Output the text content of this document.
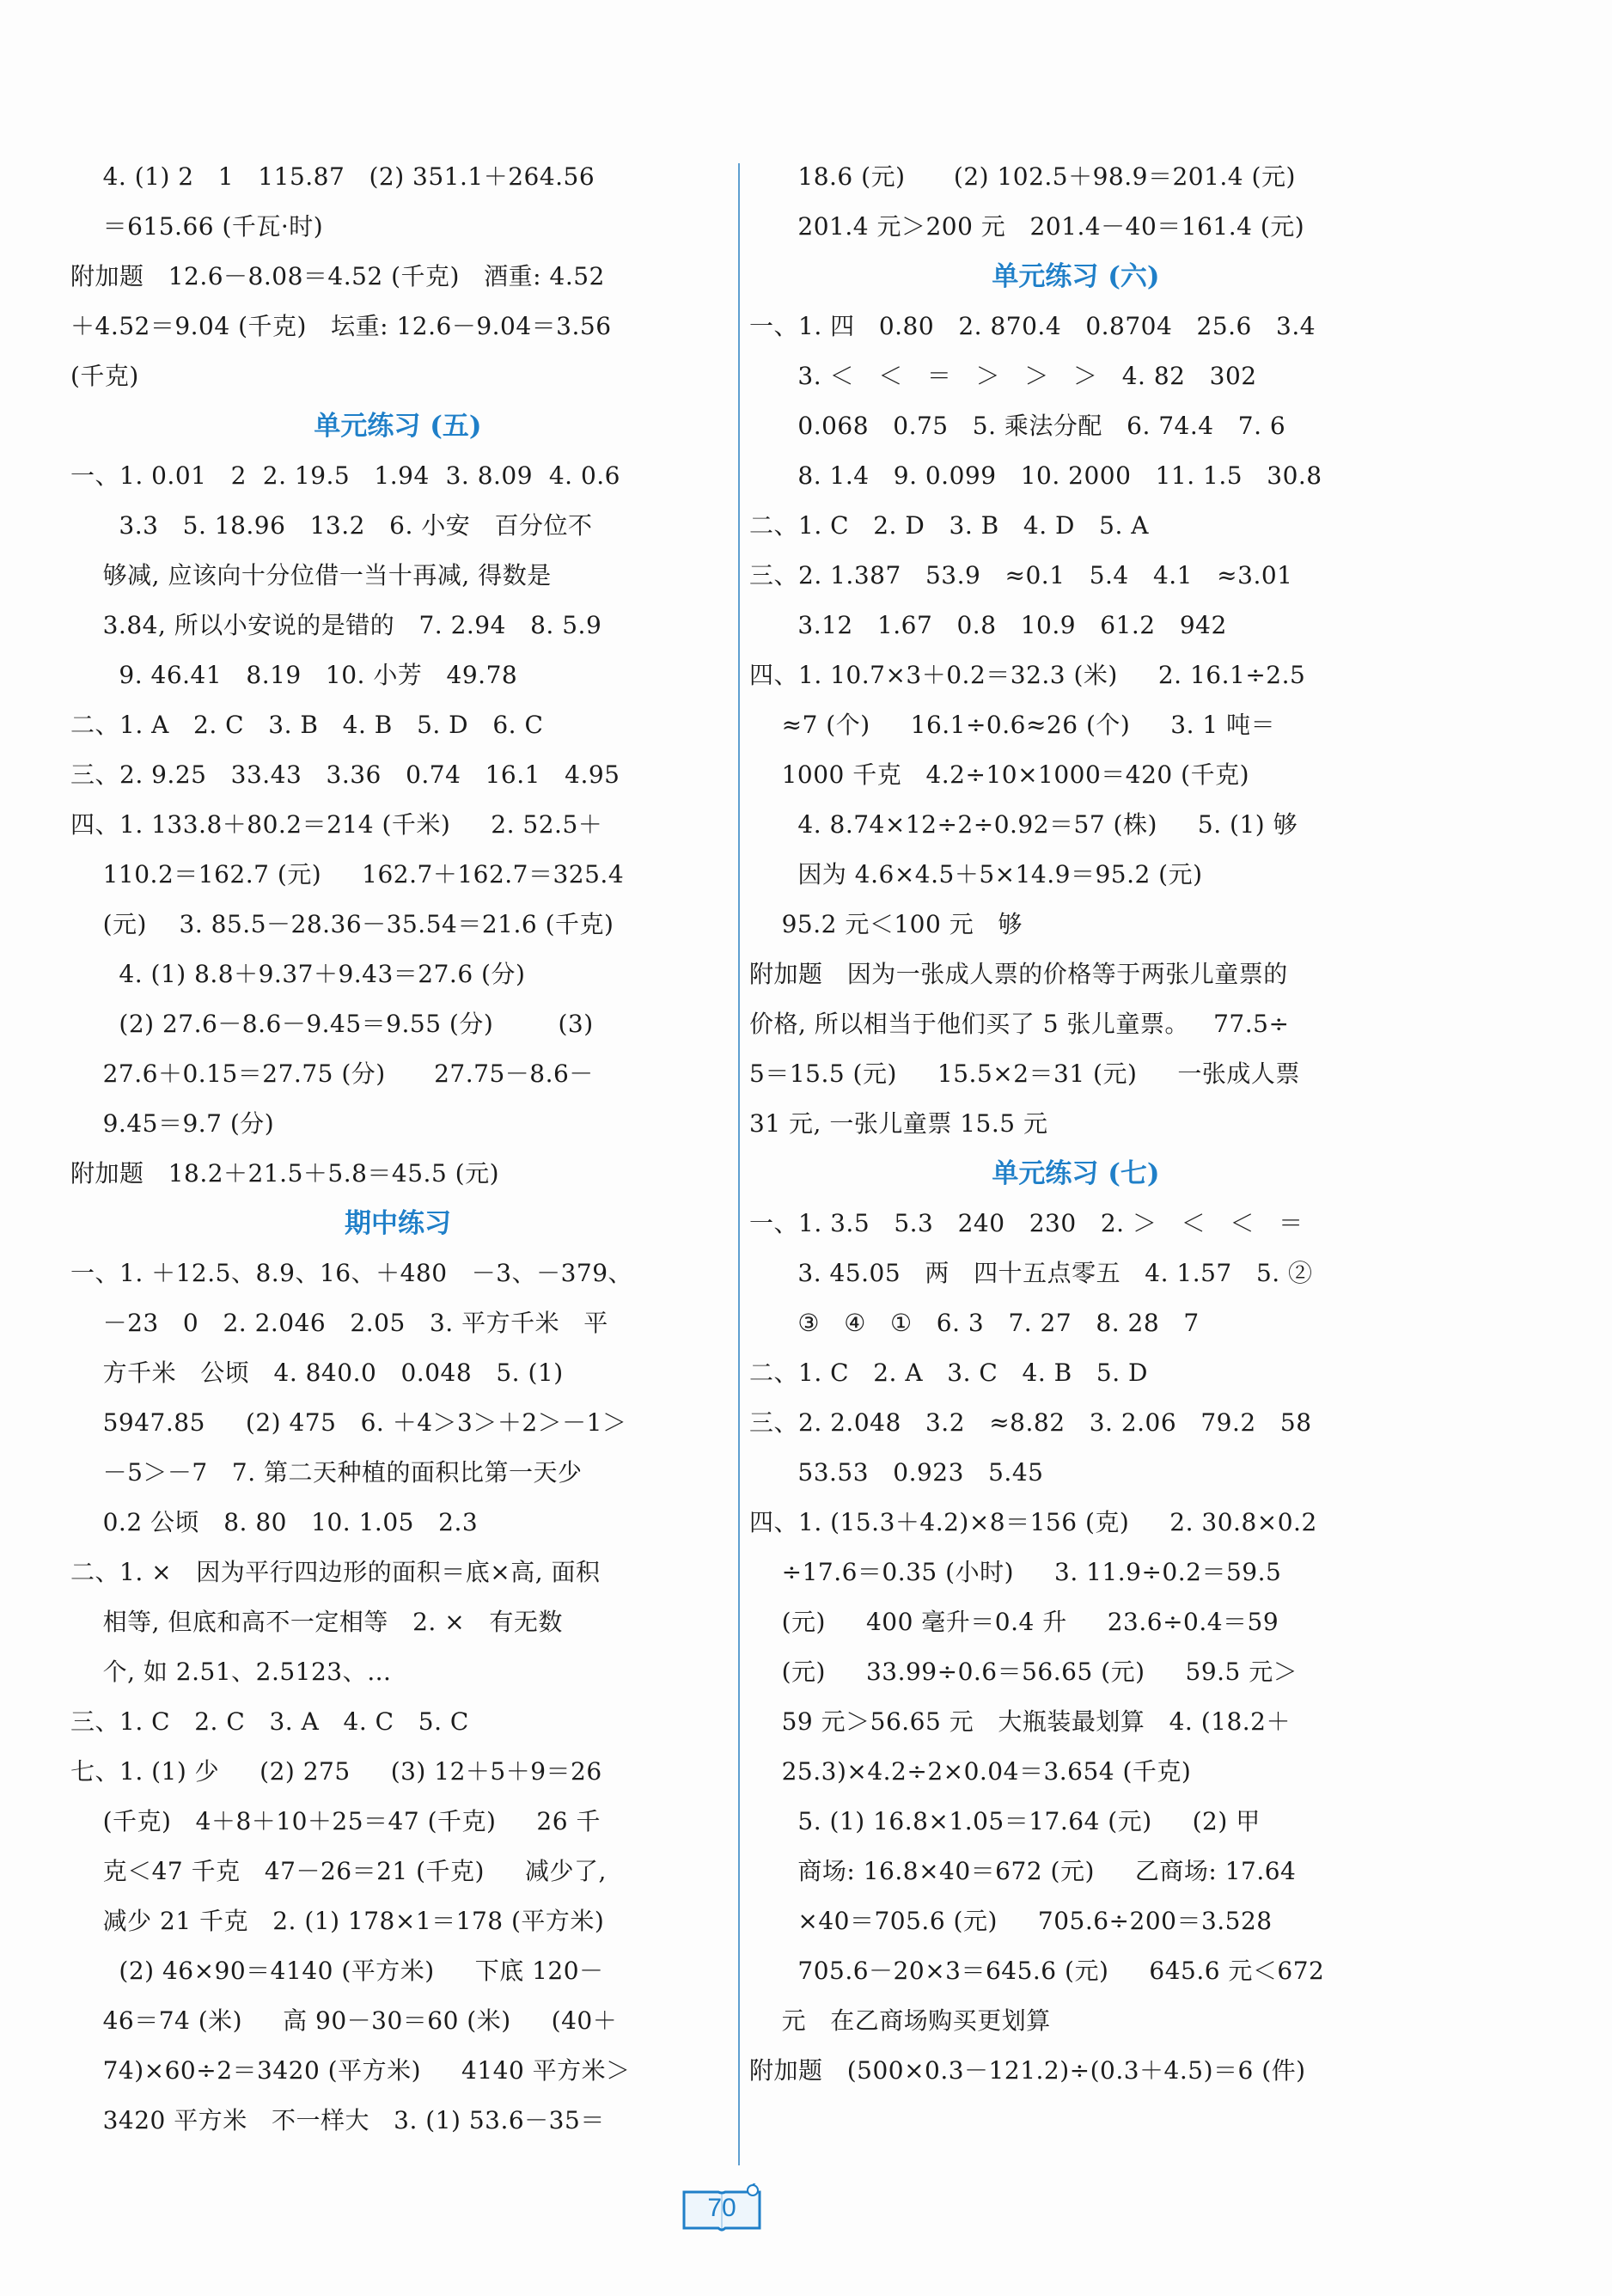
4. (1) 2   1   115.87   (2) 351.1＋264.56
＝615.66 (千瓦·时)
附加题   12.6－8.08＝4.52 (千克)   酒重: 4.52
＋4.52＝9.04 (千克)   坛重: 12.6－9.04＝3.56
(千克)
单元练习 (五)
一、1. 0.01   2  2. 19.5   1.94  3. 8.09  4. 0.6
3.3   5. 18.96   13.2   6. 小安   百分位不
够减, 应该向十分位借一当十再减, 得数是
3.84, 所以小安说的是错的   7. 2.94   8. 5.9
9. 46.41   8.19   10. 小芳   49.78
二、1. A   2. C   3. B   4. B   5. D   6. C
三、2. 9.25   33.43   3.36   0.74   16.1   4.95
四、1. 133.8＋80.2＝214 (千米)     2. 52.5＋
110.2＝162.7 (元)     162.7＋162.7＝325.4
(元)    3. 85.5－28.36－35.54＝21.6 (千克)
4. (1) 8.8＋9.37＋9.43＝27.6 (分)
(2) 27.6－8.6－9.45＝9.55 (分)        (3)
27.6＋0.15＝27.75 (分)      27.75－8.6－
9.45＝9.7 (分)
附加题   18.2＋21.5＋5.8＝45.5 (元)
期中练习
一、1. ＋12.5、8.9、16、＋480   －3、－379、
－23   0   2. 2.046   2.05   3. 平方千米   平
方千米   公顷   4. 840.0   0.048   5. (1)
5947.85     (2) 475   6. ＋4＞3＞＋2＞－1＞
－5＞－7   7. 第二天种植的面积比第一天少
0.2 公顷   8. 80   10. 1.05   2.3
二、1. ×   因为平行四边形的面积＝底×高, 面积
相等, 但底和高不一定相等   2. ×   有无数
个, 如 2.51、2.5123、…
三、1. C   2. C   3. A   4. C   5. C
七、1. (1) 少     (2) 275     (3) 12＋5＋9＝26
(千克)   4＋8＋10＋25＝47 (千克)     26 千
克＜47 千克   47－26＝21 (千克)     减少了,
减少 21 千克   2. (1) 178×1＝178 (平方米)
(2) 46×90＝4140 (平方米)     下底 120－
46＝74 (米)     高 90－30＝60 (米)     (40＋
74)×60÷2＝3420 (平方米)     4140 平方米＞
3420 平方米   不一样大   3. (1) 53.6－35＝
18.6 (元)      (2) 102.5＋98.9＝201.4 (元)
201.4 元＞200 元   201.4－40＝161.4 (元)
单元练习 (六)
一、1. 四   0.80   2. 870.4   0.8704   25.6   3.4
3. ＜   ＜   ＝   ＞   ＞   ＞   4. 82   302
0.068   0.75   5. 乘法分配   6. 74.4   7. 6
8. 1.4   9. 0.099   10. 2000   11. 1.5   30.8
二、1. C   2. D   3. B   4. D   5. A
三、2. 1.387   53.9   ≈0.1   5.4   4.1   ≈3.01
3.12   1.67   0.8   10.9   61.2   942
四、1. 10.7×3＋0.2＝32.3 (米)     2. 16.1÷2.5
≈7 (个)     16.1÷0.6≈26 (个)     3. 1 吨＝
1000 千克   4.2÷10×1000＝420 (千克)
4. 8.74×12÷2÷0.92＝57 (株)     5. (1) 够
因为 4.6×4.5＋5×14.9＝95.2 (元)
95.2 元＜100 元   够
附加题   因为一张成人票的价格等于两张儿童票的
价格, 所以相当于他们买了 5 张儿童票。   77.5÷
5＝15.5 (元)     15.5×2＝31 (元)     一张成人票
31 元, 一张儿童票 15.5 元
单元练习 (七)
一、1. 3.5   5.3   240   230   2. ＞   ＜   ＜   ＝
3. 45.05   两   四十五点零五   4. 1.57   5. ②
③   ④   ①   6. 3   7. 27   8. 28   7
二、1. C   2. A   3. C   4. B   5. D
三、2. 2.048   3.2   ≈8.82   3. 2.06   79.2   58
53.53   0.923   5.45
四、1. (15.3＋4.2)×8＝156 (克)     2. 30.8×0.2
÷17.6＝0.35 (小时)     3. 11.9÷0.2＝59.5
(元)     400 毫升＝0.4 升     23.6÷0.4＝59
(元)     33.99÷0.6＝56.65 (元)     59.5 元＞
59 元＞56.65 元   大瓶装最划算   4. (18.2＋
25.3)×4.2÷2×0.04＝3.654 (千克)
5. (1) 16.8×1.05＝17.64 (元)     (2) 甲
商场: 16.8×40＝672 (元)     乙商场: 17.64
×40＝705.6 (元)     705.6÷200＝3.528
705.6－20×3＝645.6 (元)     645.6 元＜672
元   在乙商场购买更划算
附加题   (500×0.3－121.2)÷(0.3＋4.5)＝6 (件)
70
